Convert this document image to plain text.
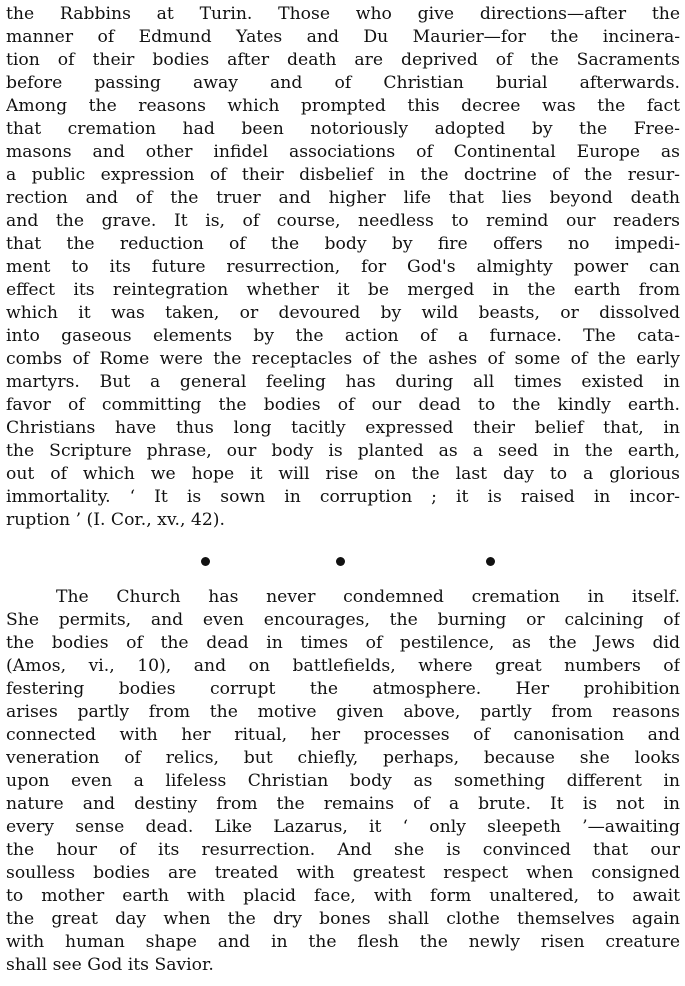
the Rabbins at Turin. Those who give directions—after the
manner of Edmund Yates and Du Maurier—for the incinera-
tion of their bodies after death are deprived of the Sacraments
before passing away and of Christian burial afterwards.
Among the reasons which prompted this decree was the fact
that cremation had been notoriously adopted by the Free-
masons and other infidel associations of Continental Europe as
a public expression of their disbelief in the doctrine of the resur-
rection and of the truer and higher life that lies beyond death
and the grave. It is, of course, needless to remind our readers
that the reduction of the body by fire offers no impedi-
ment to its future resurrection, for God's almighty power can
effect its reintegration whether it be merged in the earth from
which it was taken, or devoured by wild beasts, or dissolved
into gaseous elements by the action of a furnace. The cata-
combs of Rome were the receptacles of the ashes of some of the early
martyrs. But a general feeling has during all times existed in
favor of committing the bodies of our dead to the kindly earth.
Christians have thus long tacitly expressed their belief that, in
the Scripture phrase, our body is planted as a seed in the earth,
out of which we hope it will rise on the last day to a glorious
immortality. ‘ It is sown in corruption ; it is raised in incor-
ruption ’ (I. Cor., xv., 42).
The Church has never condemned cremation in itself.
She permits, and even encourages, the burning or calcining of
the bodies of the dead in times of pestilence, as the Jews did
(Amos, vi., 10), and on battlefields, where great numbers of
festering bodies corrupt the atmosphere. Her prohibition
arises partly from the motive given above, partly from reasons
connected with her ritual, her processes of canonisation and
veneration of relics, but chiefly, perhaps, because she looks
upon even a lifeless Christian body as something different in
nature and destiny from the remains of a brute. It is not in
every sense dead. Like Lazarus, it ‘ only sleepeth ’—awaiting
the hour of its resurrection. And she is convinced that our
soulless bodies are treated with greatest respect when consigned
to mother earth with placid face, with form unaltered, to await
the great day when the dry bones shall clothe themselves again
with human shape and in the flesh the newly risen creature
shall see God its Savior.
